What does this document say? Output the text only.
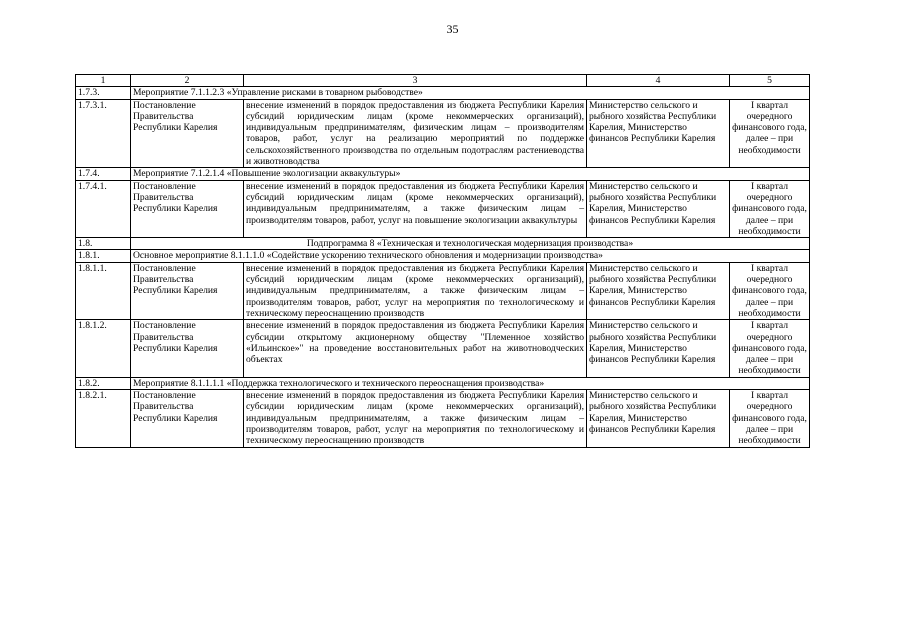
35
1	2	3	4	5
1.7.3.	Мероприятие 7.1.1.2.3 «Управление рисками в товарном рыбоводстве»			
1.7.3.1.	Постановление Правительства Республики Карелия	внесение изменений в порядок предоставления из бюджета Республики Карелия субсидий юридическим лицам (кроме некоммерческих организаций), индивидуальным предпринимателям, физическим лицам – производителям товаров, работ, услуг на реализацию мероприятий по поддержке сельскохозяйственного производства по отдельным подотраслям растениеводства и животноводства	Министерство сельского и рыбного хозяйства Республики Карелия, Министерство финансов Республики Карелия	I квартал очередного финансового года, далее – при необходимости
1.7.4.	Мероприятие 7.1.2.1.4 «Повышение экологизации аквакультуры»			
1.7.4.1.	Постановление Правительства Республики Карелия	внесение изменений в порядок предоставления из бюджета Республики Карелия субсидий юридическим лицам (кроме некоммерческих организаций), индивидуальным предпринимателям, а также физическим лицам – производителям товаров, работ, услуг на повышение экологизации аквакультуры	Министерство сельского и рыбного хозяйства Республики Карелия, Министерство финансов Республики Карелия	I квартал очередного финансового года, далее – при необходимости
1.8.	Подпрограмма 8 «Техническая и технологическая модернизация производства»			
1.8.1.	Основное мероприятие 8.1.1.1.0 «Содействие ускорению технического обновления и модернизации производства»			
1.8.1.1.	Постановление Правительства Республики Карелия	внесение изменений в порядок предоставления из бюджета Республики Карелия субсидий юридическим лицам (кроме некоммерческих организаций), индивидуальным предпринимателям, а также физическим лицам – производителям товаров, работ, услуг на мероприятия по технологическому и техническому переоснащению производств	Министерство сельского и рыбного хозяйства Республики Карелия, Министерство финансов Республики Карелия	I квартал очередного финансового года, далее – при необходимости
1.8.1.2.	Постановление Правительства Республики Карелия	внесение изменений в порядок предоставления из бюджета Республики Карелия субсидии открытому акционерному обществу "Племенное хозяйство «Ильинское»" на проведение восстановительных работ на животноводческих объектах	Министерство сельского и рыбного хозяйства Республики Карелия, Министерство финансов Республики Карелия	I квартал очередного финансового года, далее – при необходимости
1.8.2.	Мероприятие 8.1.1.1.1 «Поддержка технологического и технического переоснащения производства»			
1.8.2.1.	Постановление Правительства Республики Карелия	внесение изменений в порядок предоставления из бюджета Республики Карелия субсидии юридическим лицам (кроме некоммерческих организаций), индивидуальным предпринимателям, а также физическим лицам – производителям товаров, работ, услуг на мероприятия по технологическому и техническому переоснащению производств	Министерство сельского и рыбного хозяйства Республики Карелия, Министерство финансов Республики Карелия	I квартал очередного финансового года, далее – при необходимости
